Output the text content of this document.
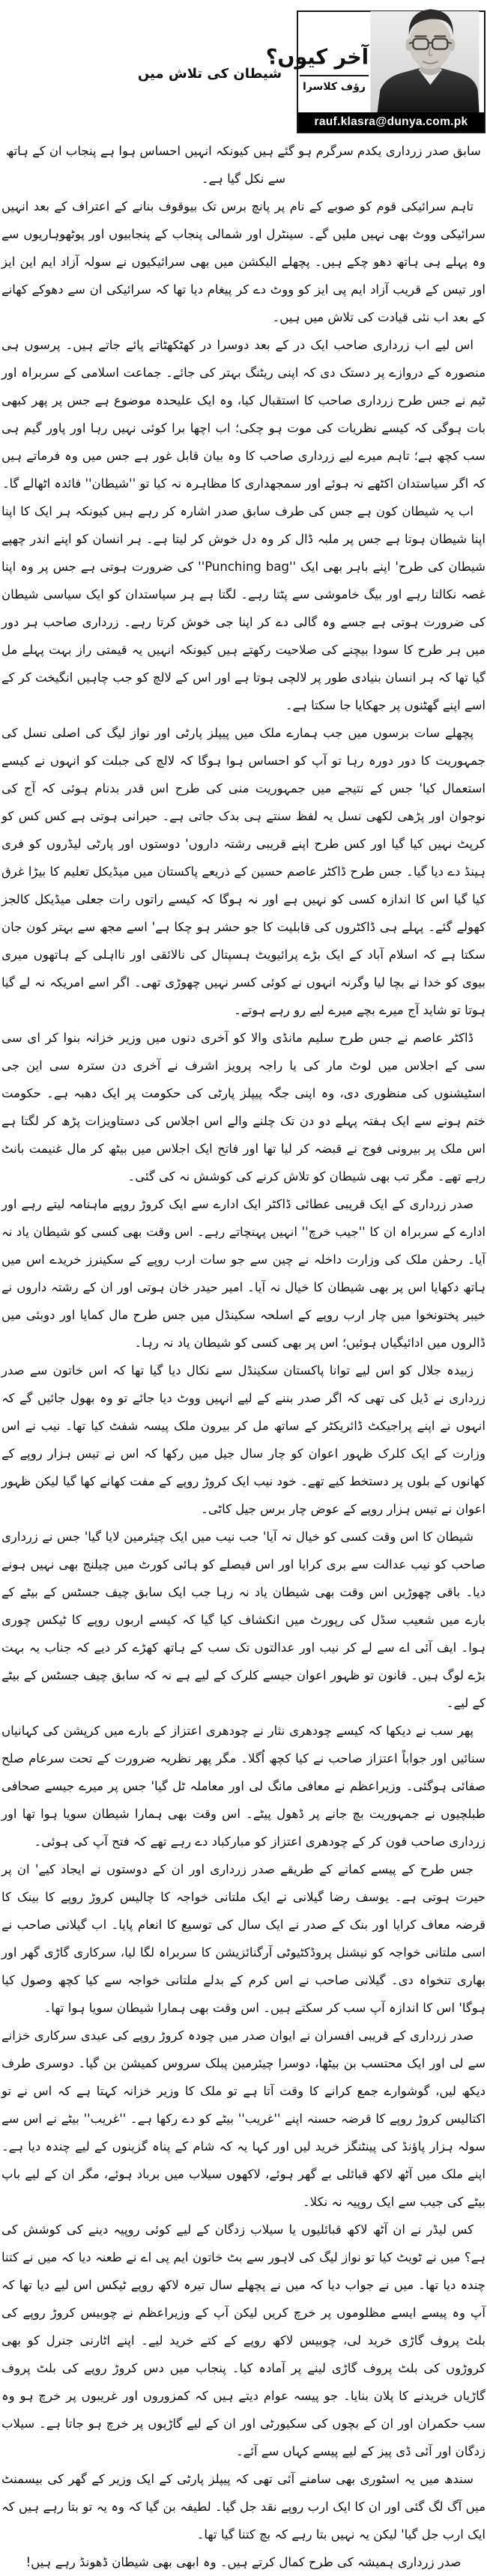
آخر کیوں؟
رؤف کلاسرا
rauf.klasra@dunya.com.pk
شیطان کی تلاش میں

سابق صدر زرداری یکدم سرگرم ہو گئے ہیں کیونکہ انہیں احساس ہوا ہے پنجاب ان کے ہاتھ سے نکل گیا ہے۔

تاہم سرائیکی قوم کو صوبے کے نام پر پانچ برس تک بیوقوف بنانے کے اعتراف کے بعد انہیں سرائیکی ووٹ بھی نہیں ملیں گے۔ سینٹرل اور شمالی پنجاب کے پنجابیوں اور پوٹھوہاریوں سے وہ پہلے ہی ہاتھ دھو چکے ہیں۔ پچھلے الیکشن میں بھی سرائیکیوں نے سولہ آزاد ایم این ایز اور تیس کے قریب آزاد ایم پی ایز کو ووٹ دے کر پیغام دیا تھا کہ سرائیکی ان سے دھوکے کھانے کے بعد اب نئی قیادت کی تلاش میں ہیں۔

اس لیے اب زرداری صاحب ایک در کے بعد دوسرا در کھٹکھٹاتے پائے جاتے ہیں۔ پرسوں ہی منصورہ کے دروازے پر دستک دی کہ اپنی ریٹنگ بہتر کی جائے۔ جماعت اسلامی کے سربراہ اور ٹیم نے جس طرح زرداری صاحب کا استقبال کیا، وہ ایک علیحدہ موضوع ہے جس پر پھر کبھی بات ہوگی کہ کیسے نظریات کی موت ہو چکی؛ اب اچھا برا کوئی نہیں رہا اور پاور گیم ہی سب کچھ ہے؛ تاہم میرے لیے زرداری صاحب کا وہ بیان قابل غور ہے جس میں وہ فرماتے ہیں کہ اگر سیاستدان اکٹھے نہ ہوئے اور سمجھداری کا مظاہرہ نہ کیا تو ''شیطان'' فائدہ اٹھالے گا۔

اب یہ شیطان کون ہے جس کی طرف سابق صدر اشارہ کر رہے ہیں کیونکہ ہر ایک کا اپنا اپنا شیطان ہوتا ہے جس پر ملبہ ڈال کر وہ دل خوش کر لیتا ہے۔ ہر انسان کو اپنے اندر چھپے شیطان کی طرح' اپنے باہر بھی ایک ''Punching bag'' کی ضرورت ہوتی ہے جس پر وہ اپنا غصہ نکالتا رہے اور بیگ خاموشی سے پٹتا رہے۔ لگتا ہے ہر سیاستدان کو ایک سیاسی شیطان کی ضرورت ہوتی ہے جسے وہ گالی دے کر اپنا جی خوش کرتا رہے۔ زرداری صاحب ہر دور میں ہر طرح کا سودا بیچنے کی صلاحیت رکھتے ہیں کیونکہ انہیں یہ قیمتی راز بہت پہلے مل گیا تھا کہ ہر انسان بنیادی طور پر لالچی ہوتا ہے اور اس کے لالچ کو جب چاہیں انگیخت کر کے اسے اپنے گھٹنوں پر جھکایا جا سکتا ہے۔

پچھلے سات برسوں میں جب ہمارے ملک میں پیپلز پارٹی اور نواز لیگ کی اصلی نسل کی جمہوریت کا دور دورہ رہا تو آپ کو احساس ہوا ہوگا کہ لالچ کی جبلت کو انہوں نے کیسے استعمال کیا' جس کے نتیجے میں جمہوریت منی کی طرح اس قدر بدنام ہوئی کہ آج کی نوجوان اور پڑھی لکھی نسل یہ لفظ سنتے ہی بدک جاتی ہے۔ حیرانی ہوتی ہے کس کس کو کرپٹ نہیں کیا گیا اور کس طرح اپنے قریبی رشتہ داروں' دوستوں اور پارٹی لیڈروں کو فری ہینڈ دے دیا گیا۔ جس طرح ڈاکٹر عاصم حسین کے ذریعے پاکستان میں میڈیکل تعلیم کا بیڑا غرق کیا گیا اس کا اندازہ کسی کو نہیں ہے اور نہ ہوگا کہ کیسے راتوں رات جعلی میڈیکل کالجز کھولے گئے۔ پہلے ہی ڈاکٹروں کی قابلیت کا جو حشر ہو چکا ہے' اسے مجھ سے بہتر کون جان سکتا ہے کہ اسلام آباد کے ایک بڑے پرائیویٹ ہسپتال کی نالائقی اور نااہلی کے ہاتھوں میری بیوی کو خدا نے بچا لیا وگرنہ انہوں نے کوئی کسر نہیں چھوڑی تھی۔ اگر اسے امریکہ نہ لے گیا ہوتا تو شاید آج میرے بچے میرے لیے رو رہے ہوتے۔

ڈاکٹر عاصم نے جس طرح سلیم مانڈی والا کو آخری دنوں میں وزیر خزانہ بنوا کر ای سی سی کے اجلاس میں لوٹ مار کی یا راجہ پرویز اشرف نے آخری دن سترہ سی این جی اسٹیشنوں کی منظوری دی، وہ اپنی جگہ پیپلز پارٹی کی حکومت پر ایک دھبہ ہے۔ حکومت ختم ہونے سے ایک ہفتہ پہلے دو دن تک چلنے والے اس اجلاس کی دستاویزات پڑھ کر لگتا ہے اس ملک پر بیرونی فوج نے قبضہ کر لیا تھا اور فاتح ایک اجلاس میں بیٹھ کر مال غنیمت بانٹ رہے تھے۔ مگر تب بھی شیطان کو تلاش کرنے کی کوشش نہ کی گئی۔

صدر زرداری کے ایک قریبی عطائی ڈاکٹر ایک ادارے سے ایک کروڑ روپے ماہنامہ لیتے رہے اور ادارے کے سربراہ ان کا ''جیب خرچ'' انہیں پہنچاتے رہے۔ اس وقت بھی کسی کو شیطان یاد نہ آیا۔ رحمٰن ملک کی وزارت داخلہ نے چین سے جو سات ارب روپے کے سکینرز خریدے اس میں ہاتھ دکھایا اس پر بھی شیطان کا خیال نہ آیا۔ امیر حیدر خان ہوتی اور ان کے رشتہ داروں نے خیبر پختونخوا میں چار ارب روپے کے اسلحہ سکینڈل میں جس طرح مال کمایا اور دوبئی میں ڈالروں میں ادائیگیاں ہوئیں؛ اس پر بھی کسی کو شیطان یاد نہ رہا۔

زبیدہ جلال کو اس لیے توانا پاکستان سکینڈل سے نکال دیا گیا تھا کہ اس خاتون سے صدر زرداری نے ڈیل کی تھی کہ اگر صدر بننے کے لیے انہیں ووٹ دیا جائے تو وہ بھول جائیں گے کہ انہوں نے اپنے پراجیکٹ ڈائریکٹر کے ساتھ مل کر بیرون ملک پیسہ شفٹ کیا تھا۔ نیب نے اس وزارت کے ایک کلرک ظہور اعوان کو چار سال جیل میں رکھا کہ اس نے تیس ہزار روپے کے کھانوں کے بلوں پر دستخط کیے تھے۔ خود نیب ایک کروڑ روپے کے مفت کھانے کھا گیا لیکن ظہور اعوان نے تیس ہزار روپے کے عوض چار برس جیل کاٹی۔

شیطان کا اس وقت کسی کو خیال نہ آیا' جب نیب میں ایک چیئرمین لایا گیا' جس نے زرداری صاحب کو نیب عدالت سے بری کرایا اور اس فیصلے کو ہائی کورٹ میں چیلنج بھی نہیں ہونے دیا۔ باقی چھوڑیں اس وقت بھی شیطان یاد نہ رہا جب ایک سابق چیف جسٹس کے بیٹے کے بارے میں شعیب سڈل کی رپورٹ میں انکشاف کیا گیا کہ کیسے اربوں روپے کا ٹیکس چوری ہوا۔ ایف آئی اے سے لے کر نیب اور عدالتوں تک سب کے ہاتھ کھڑے کر دیے کہ جناب یہ بہت بڑے لوگ ہیں۔ قانون تو ظہور اعوان جیسے کلرک کے لیے ہے نہ کہ سابق چیف جسٹس کے بیٹے کے لیے۔

پھر سب نے دیکھا کہ کیسے چودھری نثار نے چودھری اعتزاز کے بارے میں کرپشن کی کہانیاں سنائیں اور جواباً اعتزاز صاحب نے کیا کچھ اُگلا۔ مگر پھر نظریہ ضرورت کے تحت سرعام صلح صفائی ہوگئی۔ وزیراعظم نے معافی مانگ لی اور معاملہ ٹل گیا' جس پر میرے جیسے صحافی طبلچیوں نے جمہوریت بچ جانے پر ڈھول پیٹے۔ اس وقت بھی ہمارا شیطان سویا ہوا تھا اور زرداری صاحب فون کر کے چودھری اعتزاز کو مبارکباد دے رہے تھے کہ فتح آپ کی ہوئی۔

جس طرح کے پیسے کمانے کے طریقے صدر زرداری اور ان کے دوستوں نے ایجاد کیے' ان پر حیرت ہوتی ہے۔ یوسف رضا گیلانی نے ایک ملتانی خواجہ کا چالیس کروڑ روپے کا بینک کا قرضہ معاف کرایا اور بنک کے صدر نے ایک سال کی توسیع کا انعام پایا۔ اب گیلانی صاحب نے اسی ملتانی خواجہ کو نیشنل پروڈکٹیوٹی آرگنائزیشن کا سربراہ لگا لیا، سرکاری گاڑی گھر اور بھاری تنخواہ دی۔ گیلانی صاحب نے اس کرم کے بدلے ملتانی خواجہ سے کیا کچھ وصول کیا ہوگا' اس کا اندازہ آپ سب کر سکتے ہیں۔ اس وقت بھی ہمارا شیطان سویا ہوا تھا۔

صدر زرداری کے قریبی افسران نے ایوان صدر میں چودہ کروڑ روپے کی عیدی سرکاری خزانے سے لی اور ایک محتسب بن بیٹھا، دوسرا چیئرمین پبلک سروس کمیشن بن گیا۔ دوسری طرف دیکھ لیں، گوشوارے جمع کرانے کا وقت آتا ہے تو ملک کا وزیر خزانہ کہتا ہے کہ اس نے تو اکتالیس کروڑ روپے کا قرضہ حسنہ اپنے ''غریب'' بیٹے کو دے رکھا ہے۔ ''غریب'' بیٹے نے اس سے سولہ ہزار پاؤنڈ کی پینٹنگز خرید لیں اور کہا یہ کہ شام کے پناہ گزینوں کے لیے چندہ دیا ہے۔ اپنے ملک میں آٹھ لاکھ قبائلی بے گھر ہوئے، لاکھوں سیلاب میں برباد ہوئے، مگر ان کے لیے باپ بیٹے کی جیب سے ایک روپیہ نہ نکلا۔

کس لیڈر نے ان آٹھ لاکھ قبائلیوں یا سیلاب زدگان کے لیے کوئی روپیہ دینے کی کوشش کی ہے؟ میں نے ٹویٹ کیا تو نواز لیگ کی لاہور سے بٹ خاتون ایم پی اے نے طعنہ دیا کہ میں نے کتنا چندہ دیا تھا۔ میں نے جواب دیا کہ میں نے پچھلے سال تیرہ لاکھ روپے ٹیکس اس لیے دیا تھا کہ آپ وہ پیسے ایسے مظلوموں پر خرچ کریں لیکن آپ کے وزیراعظم نے چوبیس کروڑ روپے کی بلٹ پروف گاڑی خرید لی، چوبیس لاکھ روپے کے کتے خرید لیے۔ اپنے اٹارنی جنرل کو بھی کروڑوں کی بلٹ پروف گاڑی لینے پر آمادہ کیا۔ پنجاب میں دس کروڑ روپے کی بلٹ پروف گاڑیاں خریدنے کا پلان بنایا۔ جو پیسہ عوام دیتے ہیں کہ کمزوروں اور غریبوں پر خرچ ہو وہ سب حکمران اور ان کے بچوں کی سکیورٹی اور ان کے لیے گاڑیوں پر خرچ ہو جاتا ہے۔ سیلاب زدگان اور آئی ڈی پیز کے لیے پیسے کہاں سے آئے۔

سندھ میں یہ اسٹوری بھی سامنے آئی تھی کہ پیپلز پارٹی کے ایک وزیر کے گھر کی بیسمنٹ میں آگ لگ گئی اور ان کا ایک ارب روپے نقد جل گیا۔ لطیفہ بن گیا کہ وہ یہ تو بتا رہے ہیں کہ ایک ارب جل گیا' لیکن یہ نہیں بتا رہے کہ بچ کتنا گیا تھا۔

صدر زرداری ہمیشہ کی طرح کمال کرتے ہیں۔ وہ ابھی بھی شیطان ڈھونڈ رہے ہیں!
